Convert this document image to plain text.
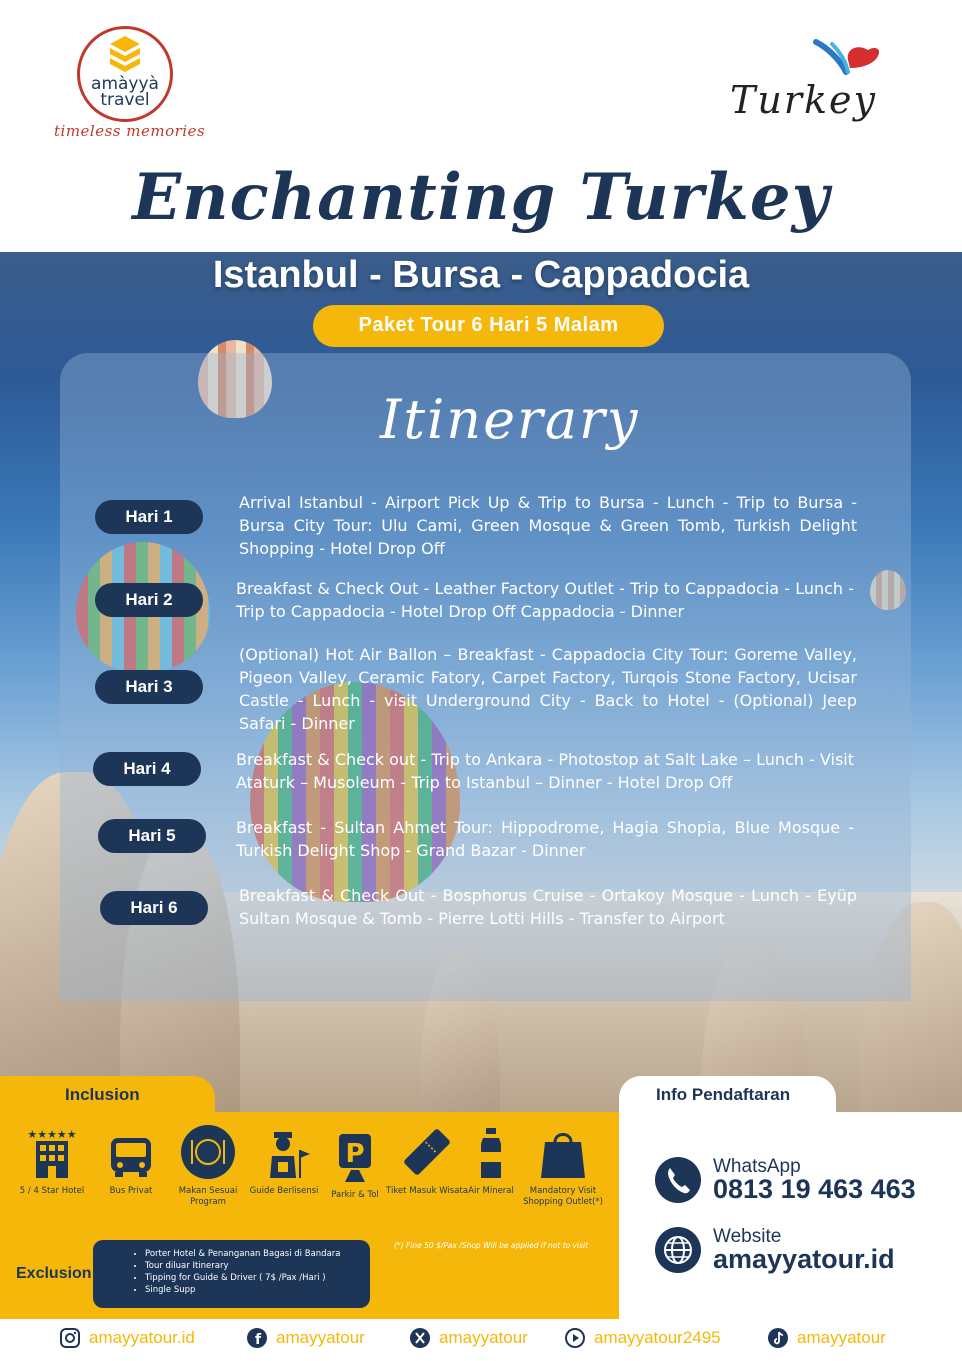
amàyyà
travel
timeless memories
Turkey
Enchanting Turkey
Istanbul - Bursa - Cappadocia
Paket Tour 6 Hari 5 Malam
Itinerary
Hari 1
Arrival Istanbul - Airport Pick Up & Trip to Bursa - Lunch - Trip to Bursa - Bursa City Tour: Ulu Cami, Green Mosque & Green Tomb, Turkish Delight Shopping - Hotel Drop Off
Hari 2
Breakfast & Check Out - Leather Factory Outlet - Trip to Cappadocia - Lunch - Trip to Cappadocia - Hotel Drop Off Cappadocia - Dinner
Hari 3
(Optional) Hot Air Ballon – Breakfast - Cappadocia City Tour: Goreme Valley, Pigeon Valley, Ceramic Fatory, Carpet Factory, Turqois Stone Factory, Ucisar Castle - Lunch - visit Underground City - Back to Hotel - (Optional) Jeep Safari - Dinner
Hari 4	Breakfast & Check out - Trip to Ankara - Photostop at Salt Lake – Lunch - Visit Ataturk – Musoleum - Trip to Istanbul – Dinner - Hotel Drop Off
Hari 5	Breakfast - Sultan Ahmet Tour: Hippodrome, Hagia Shopia, Blue Mosque - Turkish Delight Shop - Grand Bazar - Dinner
Hari 6
Breakfast & Check Out - Bosphorus Cruise - Ortakoy Mosque - Lunch - Eyüp Sultan Mosque & Tomb - Pierre Lotti Hills - Transfer to Airport
Inclusion
★★★★★
5 / 4 Star Hotel	Bus Privat	Makan Sesuai Program
Guide Berlisensi
P
Parkir & Tol Tiket Masuk Wisata Air Mineral	Mandatory Visit Shopping Outlet(*)
(*) Fine 50 $/Pax /Shop Will be applied if not to visit
Exclusion
• Porter Hotel & Penanganan Bagasi di Bandara
• Tour diluar Itinerary
• Tipping for Guide & Driver ( 7$ /Pax /Hari )
• Single Supp
Info Pendaftaran
WhatsApp
0813 19 463 463
Website
amayyatour.id
amayyatour.id	f amayyatour	amayyatour	amayyatour2495	amayyatour
